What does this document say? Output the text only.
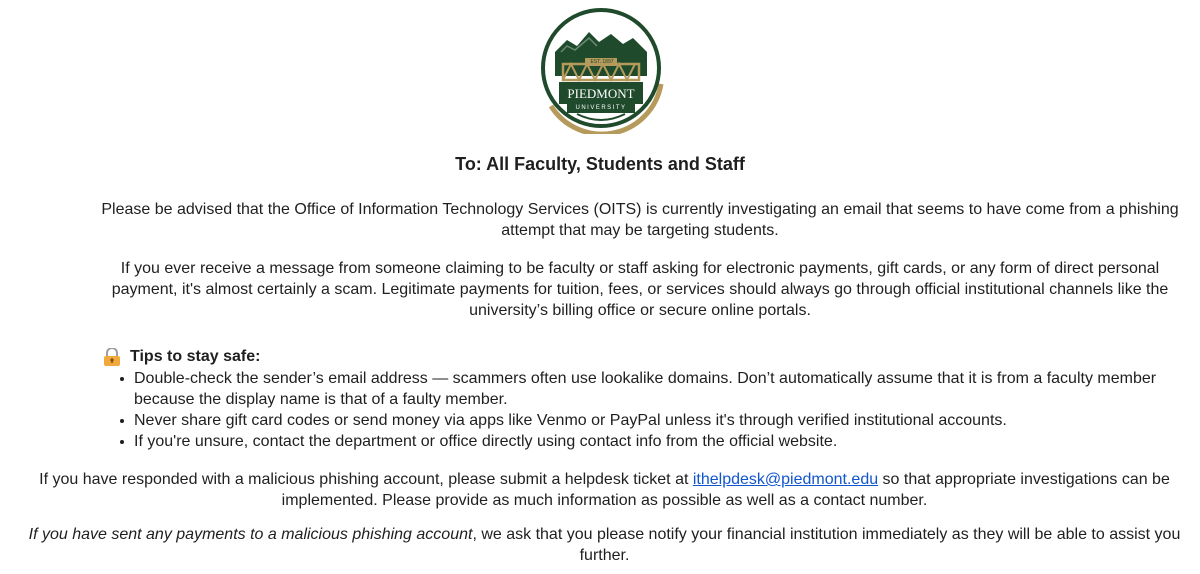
EST. 1897
PIEDMONT
UNIVERSITY
To: All Faculty, Students and Staff
Please be advised that the Office of Information Technology Services (OITS) is currently investigating an email that seems to have come from a phishing attempt that may be targeting students.
If you ever receive a message from someone claiming to be faculty or staff asking for electronic payments, gift cards, or any form of direct personal payment, it's almost certainly a scam. Legitimate payments for tuition, fees, or services should always go through official institutional channels like the university’s billing office or secure online portals.
Tips to stay safe:
Double-check the sender’s email address — scammers often use lookalike domains. Don’t automatically assume that it is from a faculty member because the display name is that of a faulty member.
Never share gift card codes or send money via apps like Venmo or PayPal unless it's through verified institutional accounts.
If you're unsure, contact the department or office directly using contact info from the official website.
If you have responded with a malicious phishing account, please submit a helpdesk ticket at ithelpdesk@piedmont.edu so that appropriate investigations can be implemented. Please provide as much information as possible as well as a contact number.
If you have sent any payments to a malicious phishing account, we ask that you please notify your financial institution immediately as they will be able to assist you further.
